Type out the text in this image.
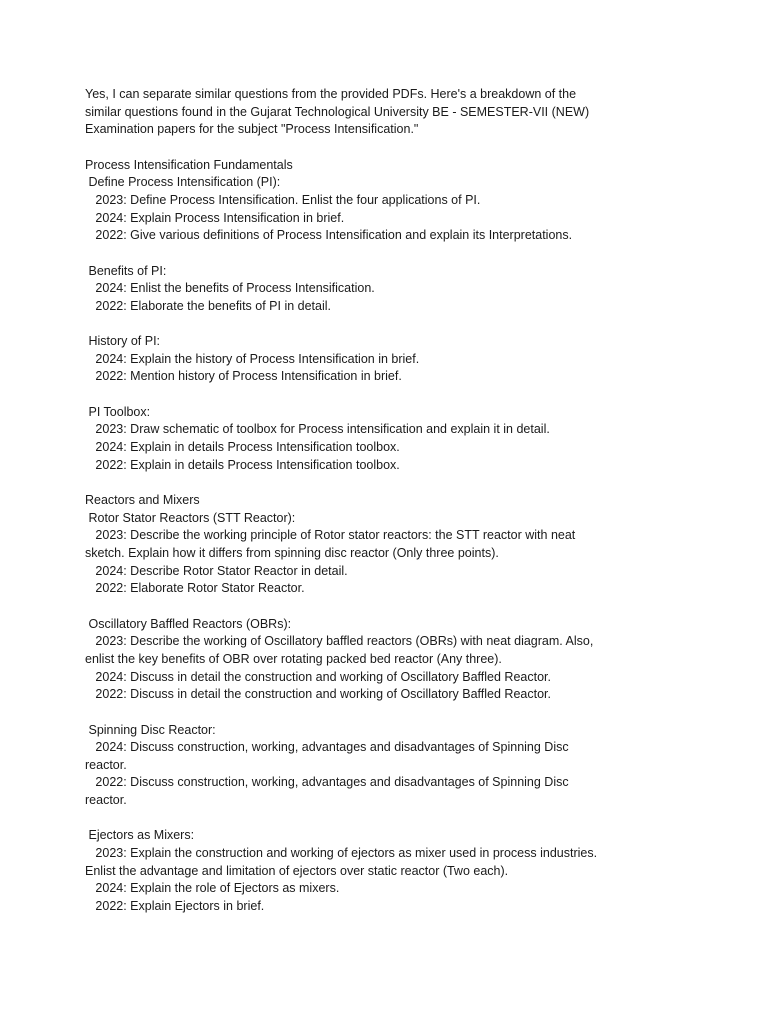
Yes, I can separate similar questions from the provided PDFs. Here's a breakdown of the
similar questions found in the Gujarat Technological University BE - SEMESTER-VII (NEW)
Examination papers for the subject "Process Intensification."

Process Intensification Fundamentals

Define Process Intensification (PI):

2023: Define Process Intensification. Enlist the four applications of PI.

2024: Explain Process Intensification in brief.

2022: Give various definitions of Process Intensification and explain its Interpretations.

Benefits of PI:

2024: Enlist the benefits of Process Intensification.

2022: Elaborate the benefits of PI in detail.

History of PI:

2024: Explain the history of Process Intensification in brief.

2022: Mention history of Process Intensification in brief.

PI Toolbox:

2023: Draw schematic of toolbox for Process intensification and explain it in detail.

2024: Explain in details Process Intensification toolbox.

2022: Explain in details Process Intensification toolbox.

Reactors and Mixers

Rotor Stator Reactors (STT Reactor):

2023: Describe the working principle of Rotor stator reactors: the STT reactor with neat
sketch. Explain how it differs from spinning disc reactor (Only three points).

2024: Describe Rotor Stator Reactor in detail.

2022: Elaborate Rotor Stator Reactor.

Oscillatory Baffled Reactors (OBRs):

2023: Describe the working of Oscillatory baffled reactors (OBRs) with neat diagram. Also,
enlist the key benefits of OBR over rotating packed bed reactor (Any three).

2024: Discuss in detail the construction and working of Oscillatory Baffled Reactor.

2022: Discuss in detail the construction and working of Oscillatory Baffled Reactor.

Spinning Disc Reactor:

2024: Discuss construction, working, advantages and disadvantages of Spinning Disc
reactor.

2022: Discuss construction, working, advantages and disadvantages of Spinning Disc
reactor.

Ejectors as Mixers:

2023: Explain the construction and working of ejectors as mixer used in process industries.
Enlist the advantage and limitation of ejectors over static reactor (Two each).

2024: Explain the role of Ejectors as mixers.

2022: Explain Ejectors in brief.
